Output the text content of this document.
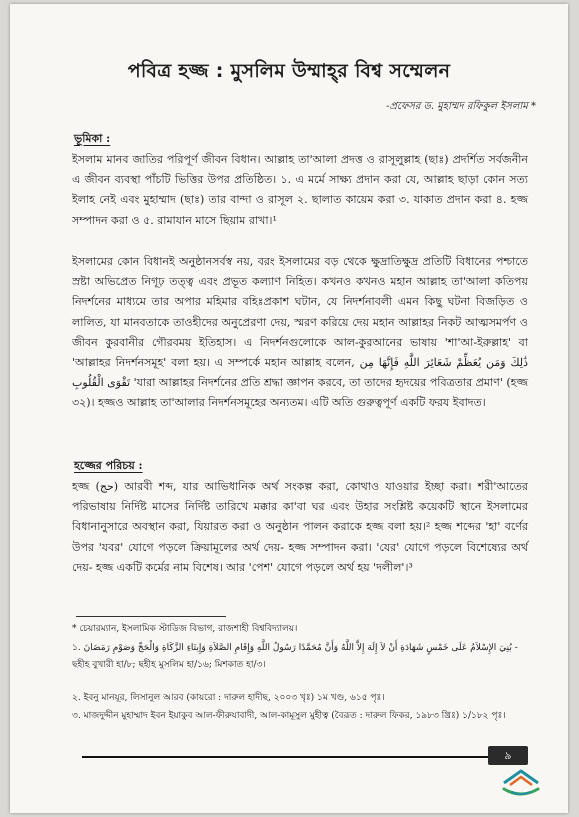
পবিত্র হজ্জ : মুসলিম উম্মাহ্‌র বিশ্ব সম্মেলন
-প্রফেসর ড. মুহাম্মদ রফিকুল ইসলাম *
ভূমিকা :

ইসলাম মানব জাতির পরিপূর্ণ জীবন বিধান। আল্লাহ তা'আলা প্রদত্ত ও রাসূলুল্লাহ (ছাঃ) প্রদর্শিত সর্বজনীন এ জীবন ব্যবস্থা পাঁচটি ভিত্তির উপর প্রতিষ্ঠিত। ১. এ মর্মে সাক্ষ্য প্রদান করা যে, আল্লাহ ছাড়া কোন সত্য ইলাহ নেই এবং মুহাম্মাদ (ছাঃ) তার বান্দা ও রাসূল ২. ছালাত কায়েম করা ৩. যাকাত প্রদান করা ৪. হজ্জ সম্পাদন করা ও ৫. রামাযান মাসে ছিয়াম রাখা।¹

ইসলামের কোন বিধানই অনুষ্ঠানসর্বস্ব নয়, বরং ইসলামের বড় থেকে ক্ষুদ্রাতিক্ষুদ্র প্রতিটি বিধানের পশ্চাতে স্রষ্টা অভিপ্রেত নিগূঢ় তত্ত্ব এবং প্রভূত কল্যাণ নিহিত। কখনও কখনও মহান আল্লাহ তা'আলা কতিপয় নিদর্শনের মাধ্যমে তার অপার মহিমার বহিঃপ্রকাশ ঘটান, যে নিদর্শনাবলী এমন কিছু ঘটনা বিজড়িত ও লালিত, যা মানবতাকে তাওহীদের অনুপ্রেরণা দেয়, স্মরণ করিয়ে দেয় মহান আল্লাহর নিকট আত্মসমর্পণ ও জীবন কুরবানীর গৌরবময় ইতিহাস। এ নিদর্শনগুলোকে আল-কুরআনের ভাষায় 'শা'আ-ইরুল্লাহ' বা 'আল্লাহর নিদর্শনসমূহ' বলা হয়। এ সম্পর্কে মহান আল্লাহ বলেন, ذَٰلِكَ وَمَن يُعَظِّمْ شَعَائِرَ اللَّهِ فَإِنَّهَا مِن تَقْوَى الْقُلُوبِ 'যারা আল্লাহর নিদর্শনের প্রতি শ্রদ্ধা জ্ঞাপন করবে, তা তাদের হৃদয়ের পবিত্রতার প্রমাণ' (হজ্জ ৩২)। হজ্জও আল্লাহ তা'আলার নিদর্শনসমূহের অন্যতম। এটি অতি গুরুত্বপূর্ণ একটি ফরয ইবাদত।

হজ্জের পরিচয় :

হজ্জ (حج) আরবী শব্দ, যার আভিধানিক অর্থ সংকল্প করা, কোথাও যাওয়ার ইচ্ছা করা। শরী'আতের পরিভাষায় নির্দিষ্ট মাসের নির্দিষ্ট তারিখে মক্কার কা'বা ঘর এবং উহার সংশ্লিষ্ট কয়েকটি স্থানে ইসলামের বিধানানুসারে অবস্থান করা, যিয়ারত করা ও অনুষ্ঠান পালন করাকে হজ্জ বলা হয়।² হজ্জ শব্দের 'হা' বর্ণের উপর 'যবর' যোগে পড়লে ক্রিয়ামূলের অর্থ দেয়- হজ্জ সম্পাদন করা। 'যের' যোগে পড়লে বিশেষ্যের অর্থ দেয়- হজ্জ একটি কর্মের নাম বিশেষ। আর 'পেশ' যোগে পড়লে অর্থ হয় 'দলীল'।³

* চেয়ারম্যান, ইসলামিক স্টাডিজ বিভাগ, রাজশাহী বিশ্ববিদ্যালয়।

১. بُنِيَ الإِسْلاَمُ عَلَى خَمْسٍ شَهَادَةِ أَنْ لاَ إِلَهَ إِلاَّ اللَّهُ وَأَنَّ مُحَمَّدًا رَسُولُ اللَّهِ وَإِقَامِ الصَّلاَةِ وَإِيتَاءِ الزَّكَاةِ وَالْحَجِّ وَصَوْمِ رَمَضَانَ - ছহীহ বুখারী হা/৮; ছহীহ মুসলিম হা/১৬; মিশকাত হা/৩।

২. ইবনু মানযূর, লিসানুল আরব (কায়রো : দারুল হাদীছ, ২০০৩ খৃঃ) ১ম খণ্ড, ৬১৫ পৃঃ।

৩. মাজদুদ্দীন মুহাম্মাদ ইবন ইয়াকুব আল-ফীরুযাবাদী, আল-কামূসুল মুহীত্ব (বৈরূত : দারুল ফিকর, ১৯৮৩ খ্রিঃ) ১/১৮২ পৃঃ।

৯
